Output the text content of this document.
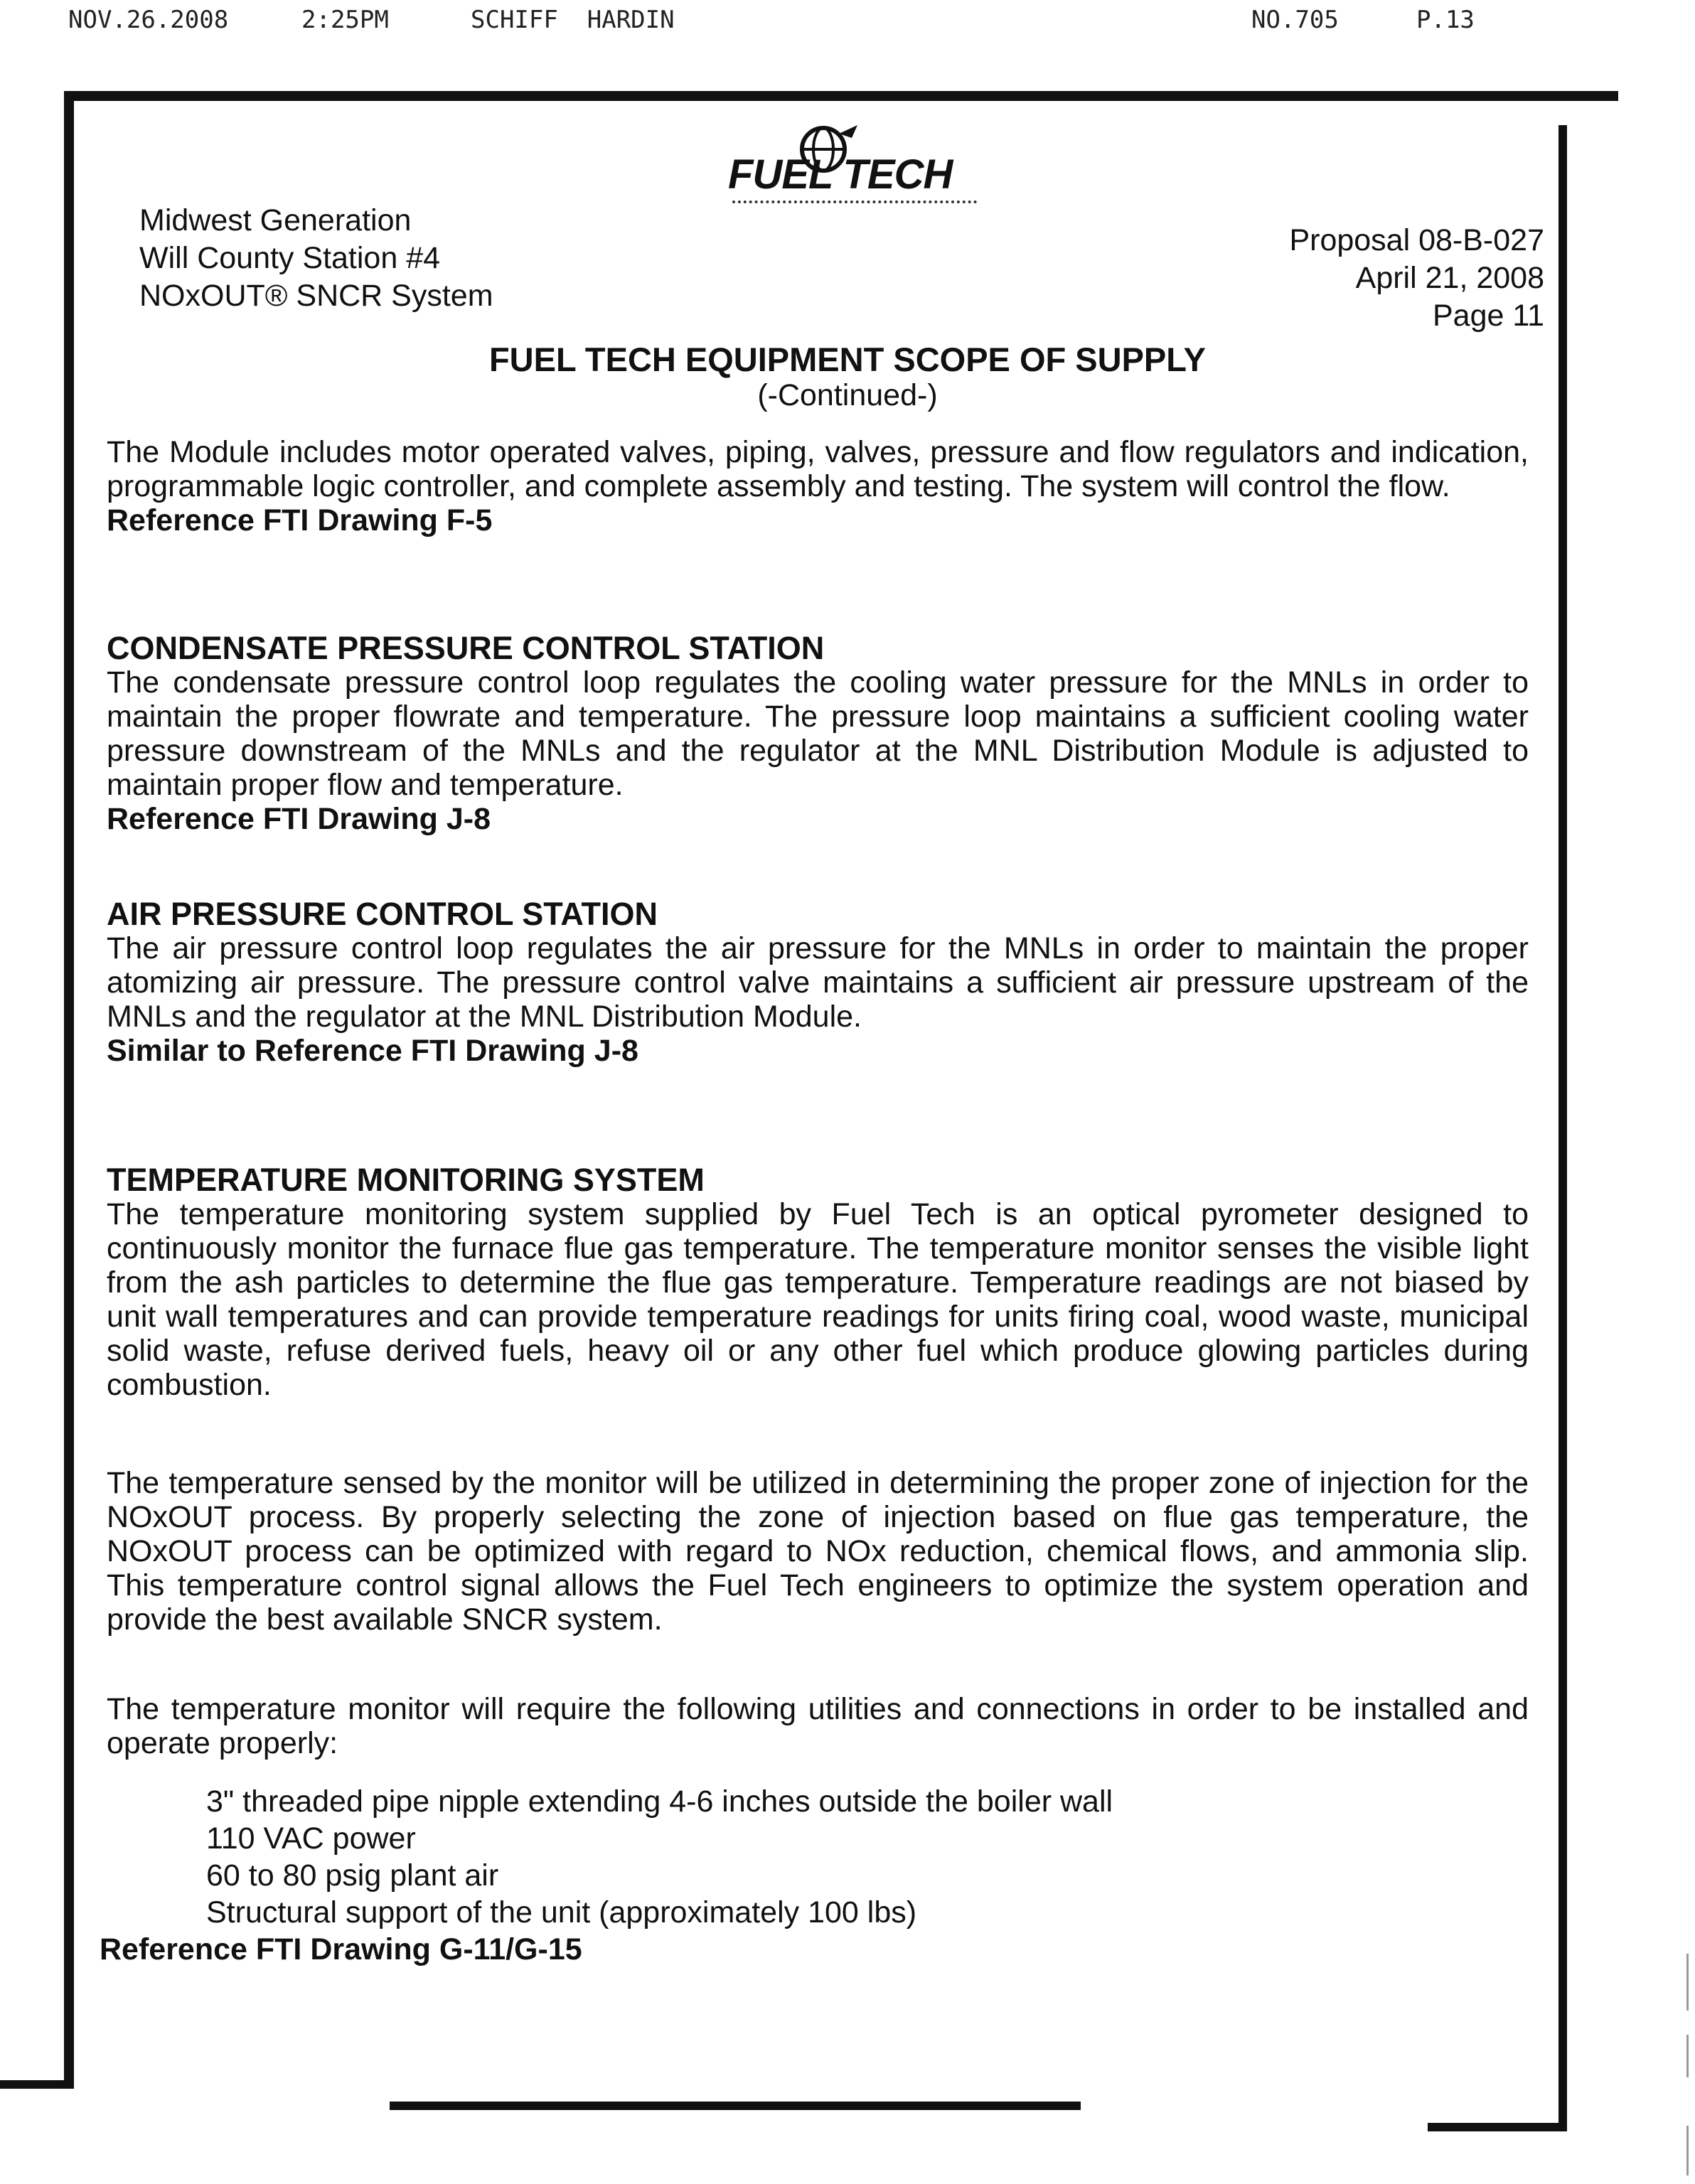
NOV.26.2008	2:25PM	SCHIFF  HARDIN	NO.705	P.13
FUEL TECH
Midwest Generation
Will County Station #4
NOxOUT® SNCR System
Proposal 08-B-027
April 21, 2008
Page 11
FUEL TECH EQUIPMENT SCOPE OF SUPPLY
(-Continued-)

The Module includes motor operated valves, piping, valves, pressure and flow regulators and indication, programmable logic controller, and complete assembly and testing. The system will control the flow.

Reference FTI Drawing F-5
CONDENSATE PRESSURE CONTROL STATION

The condensate pressure control loop regulates the cooling water pressure for the MNLs in order to maintain the proper flowrate and temperature. The pressure loop maintains a sufficient cooling water pressure downstream of the MNLs and the regulator at the MNL Distribution Module is adjusted to maintain proper flow and temperature.

Reference FTI Drawing J-8
AIR PRESSURE CONTROL STATION

The air pressure control loop regulates the air pressure for the MNLs in order to maintain the proper atomizing air pressure. The pressure control valve maintains a sufficient air pressure upstream of the MNLs and the regulator at the MNL Distribution Module.

Similar to Reference FTI Drawing J-8
TEMPERATURE MONITORING SYSTEM

The temperature monitoring system supplied by Fuel Tech is an optical pyrometer designed to continuously monitor the furnace flue gas temperature. The temperature monitor senses the visible light from the ash particles to determine the flue gas temperature. Temperature readings are not biased by unit wall temperatures and can provide temperature readings for units firing coal, wood waste, municipal solid waste, refuse derived fuels, heavy oil or any other fuel which produce glowing particles during combustion.

The temperature sensed by the monitor will be utilized in determining the proper zone of injection for the NOxOUT process. By properly selecting the zone of injection based on flue gas temperature, the NOxOUT process can be optimized with regard to NOx reduction, chemical flows, and ammonia slip. This temperature control signal allows the Fuel Tech engineers to optimize the system operation and provide the best available SNCR system.

The temperature monitor will require the following utilities and connections in order to be installed and operate properly:

3" threaded pipe nipple extending 4-6 inches outside the boiler wall
110 VAC power
60 to 80 psig plant air
Structural support of the unit (approximately 100 lbs)
Reference FTI Drawing G-11/G-15
